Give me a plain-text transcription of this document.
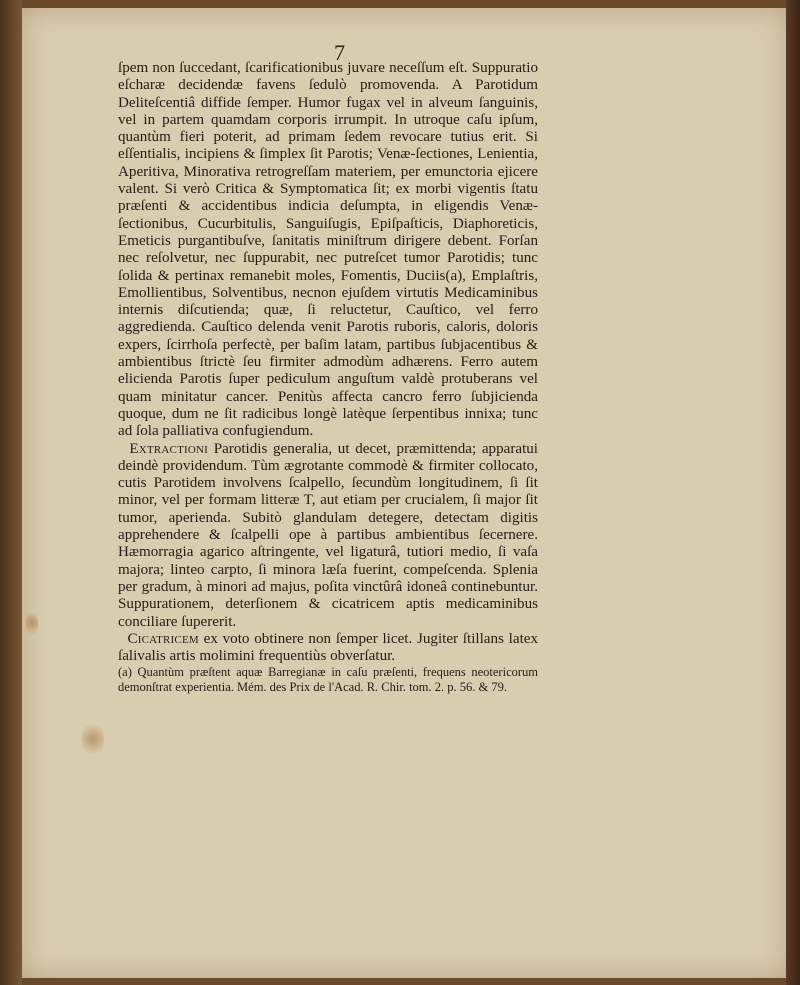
7

ſpem non ſuccedant, ſcarificationibus juvare neceſſum eſt. Suppuratio eſcharæ decidendæ favens ſedulò promovenda. A Parotidum Deliteſcentiâ diffide ſemper. Humor fugax vel in alveum ſanguinis, vel in partem quamdam corporis irrumpit. In utroque caſu ipſum, quantùm fieri poterit, ad primam ſedem revocare tutius erit. Si eſſentialis, incipiens & ſimplex ſit Parotis; Venæ-ſectiones, Lenientia, Aperitiva, Minorativa retrogreſſam materiem, per emunctoria ejicere valent. Si verò Critica & Symptomatica ſit; ex morbi vigentis ſtatu præſenti & accidentibus indicia deſumpta, in eligendis Venæ-ſectionibus, Cucurbitulis, Sanguiſugis, Epiſpaſticis, Diaphoreticis, Emeticis purgantibuſve, ſanitatis miniſtrum dirigere debent. Forſan nec reſolvetur, nec ſuppurabit, nec putreſcet tumor Parotidis; tunc ſolida & pertinax remanebit moles, Fomentis, Duciis(a), Emplaſtris, Emollientibus, Solventibus, necnon ejuſdem virtutis Medicaminibus internis diſcutienda; quæ, ſi reluctetur, Cauſtico, vel ferro aggredienda. Cauſtico delenda venit Parotis ruboris, caloris, doloris expers, ſcirrhoſa perfectè, per baſim latam, partibus ſubjacentibus & ambientibus ſtrictè ſeu firmiter admodùm adhærens. Ferro autem elicienda Parotis ſuper pediculum anguſtum valdè protuberans vel quam minitatur cancer. Penitùs affecta cancro ferro ſubjicienda quoque, dum ne ſit radicibus longè latèque ſerpentibus innixa; tunc ad ſola palliativa confugiendum.

Extractioni Parotidis generalia, ut decet, præmittenda; apparatui deindè providendum. Tùm ægrotante commodè & firmiter collocato, cutis Parotidem involvens ſcalpello, ſecundùm longitudinem, ſi ſit minor, vel per formam litteræ T, aut etiam per crucialem, ſi major ſit tumor, aperienda. Subitò glandulam detegere, detectam digitis apprehendere & ſcalpelli ope à partibus ambientibus ſecernere. Hæmorragia agarico aſtringente, vel ligaturâ, tutiori medio, ſi vaſa majora; linteo carpto, ſi minora læſa fuerint, compeſcenda. Splenia per gradum, à minori ad majus, poſita vinctûrâ idoneâ continebuntur. Suppurationem, deterſionem & cicatricem aptis medicaminibus conciliare ſupererit.

Cicatricem ex voto obtinere non ſemper licet. Jugiter ſtillans latex ſalivalis artis molimini frequentiùs obverſatur.

(a) Quantùm præſtent aquæ Barregianæ in caſu præſenti, frequens neotericorum demonſtrat experientia. Mém. des Prix de l'Acad. R. Chir. tom. 2. p. 56. & 79.
